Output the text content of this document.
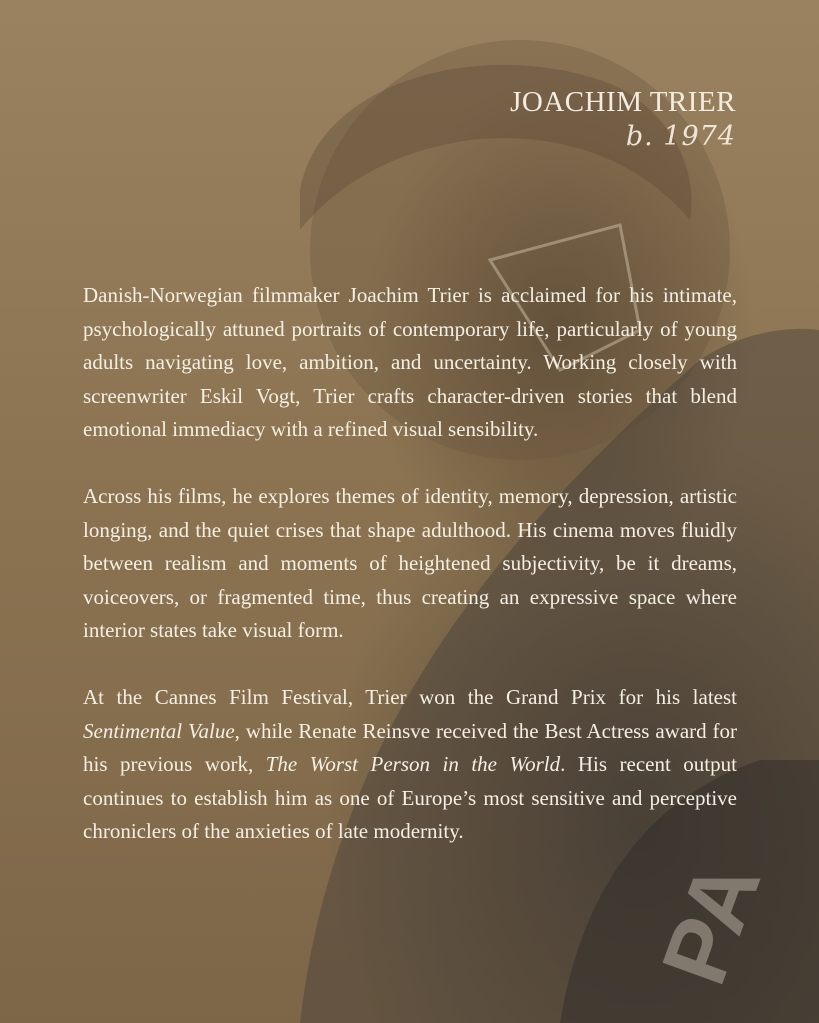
PA
JOACHIM TRIER
b. 1974

Danish-Norwegian filmmaker Joachim Trier is acclaimed for his intimate, psychologically attuned portraits of contemporary life, particularly of young adults navigating love, ambition, and uncertainty. Working closely with screenwriter Eskil Vogt, Trier crafts character-driven stories that blend emotional immediacy with a refined visual sensibility.

Across his films, he explores themes of identity, memory, depression, artistic longing, and the quiet crises that shape adulthood. His cinema moves fluidly between realism and moments of heightened subjectivity, be it dreams, voiceovers, or fragmented time, thus creating an expressive space where interior states take visual form.

At the Cannes Film Festival, Trier won the Grand Prix for his latest Sentimental Value, while Renate Reinsve received the Best Actress award for his previous work, The Worst Person in the World. His recent output continues to establish him as one of Europe’s most sensitive and perceptive chroniclers of the anxieties of late modernity.
